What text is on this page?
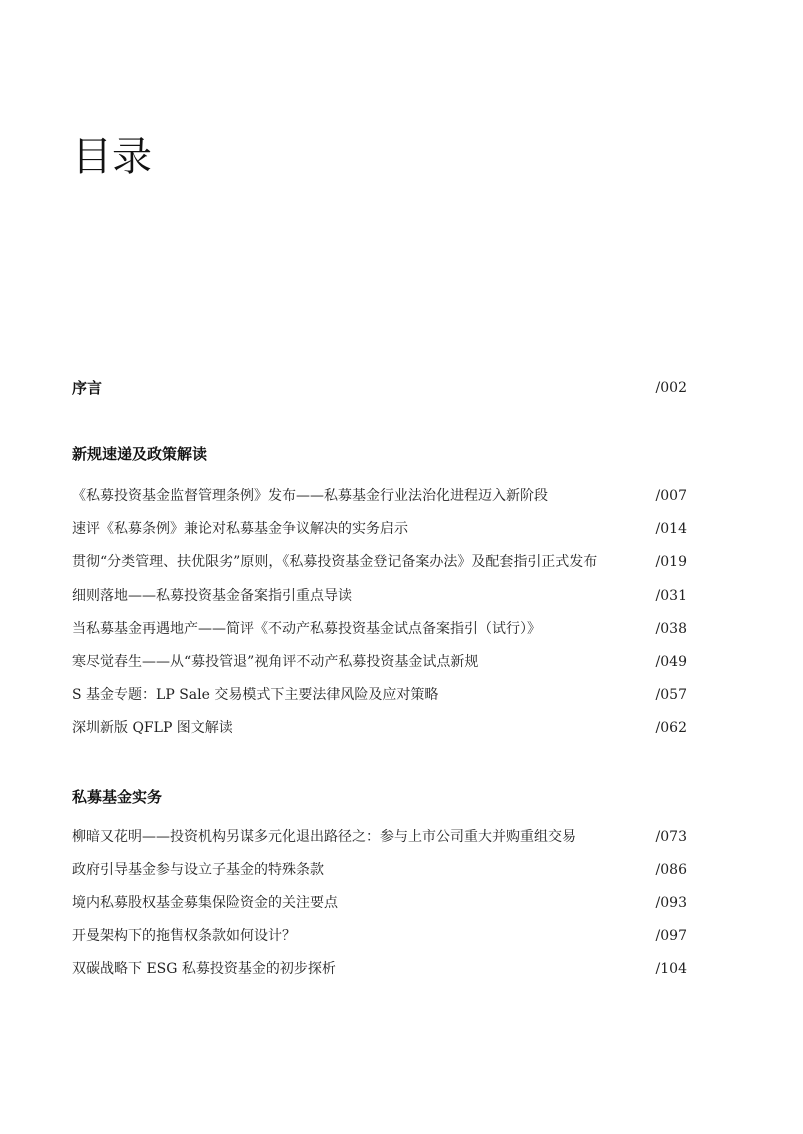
目录
序言	/002
新规速递及政策解读
《私募投资基金监督管理条例》发布——私募基金行业法治化进程迈入新阶段	/007
速评《私募条例》兼论对私募基金争议解决的实务启示	/014
贯彻“分类管理、扶优限劣”原则，《私募投资基金登记备案办法》及配套指引正式发布	/019
细则落地——私募投资基金备案指引重点导读	/031
当私募基金再遇地产——简评《不动产私募投资基金试点备案指引（试行）》	/038
寒尽觉春生——从“募投管退”视角评不动产私募投资基金试点新规	/049
S 基金专题：LP Sale 交易模式下主要法律风险及应对策略	/057
深圳新版 QFLP 图文解读	/062
私募基金实务
柳暗又花明——投资机构另谋多元化退出路径之：参与上市公司重大并购重组交易	/073
政府引导基金参与设立子基金的特殊条款	/086
境内私募股权基金募集保险资金的关注要点	/093
开曼架构下的拖售权条款如何设计？	/097
双碳战略下 ESG 私募投资基金的初步探析	/104
